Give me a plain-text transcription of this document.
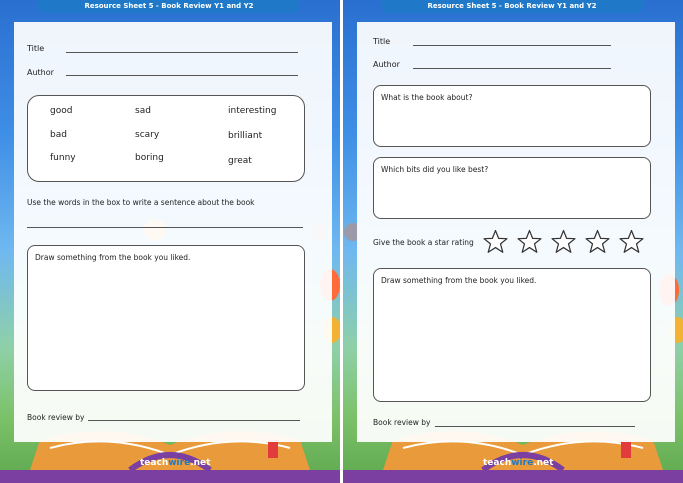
Resource Sheet 5 - Book Review Y1 and Y2
Title
Author
good	sad	interesting
bad	scary	brilliant
funny	boring	great
Use the words in the box to write a sentence about the book
Draw something from the book you liked.
Book review by
teachwire.net
Resource Sheet 5 - Book Review Y1 and Y2
Title
Author
What is the book about?
Which bits did you like best?
Give the book a star rating
Draw something from the book you liked.
Book review by
teachwire.net
